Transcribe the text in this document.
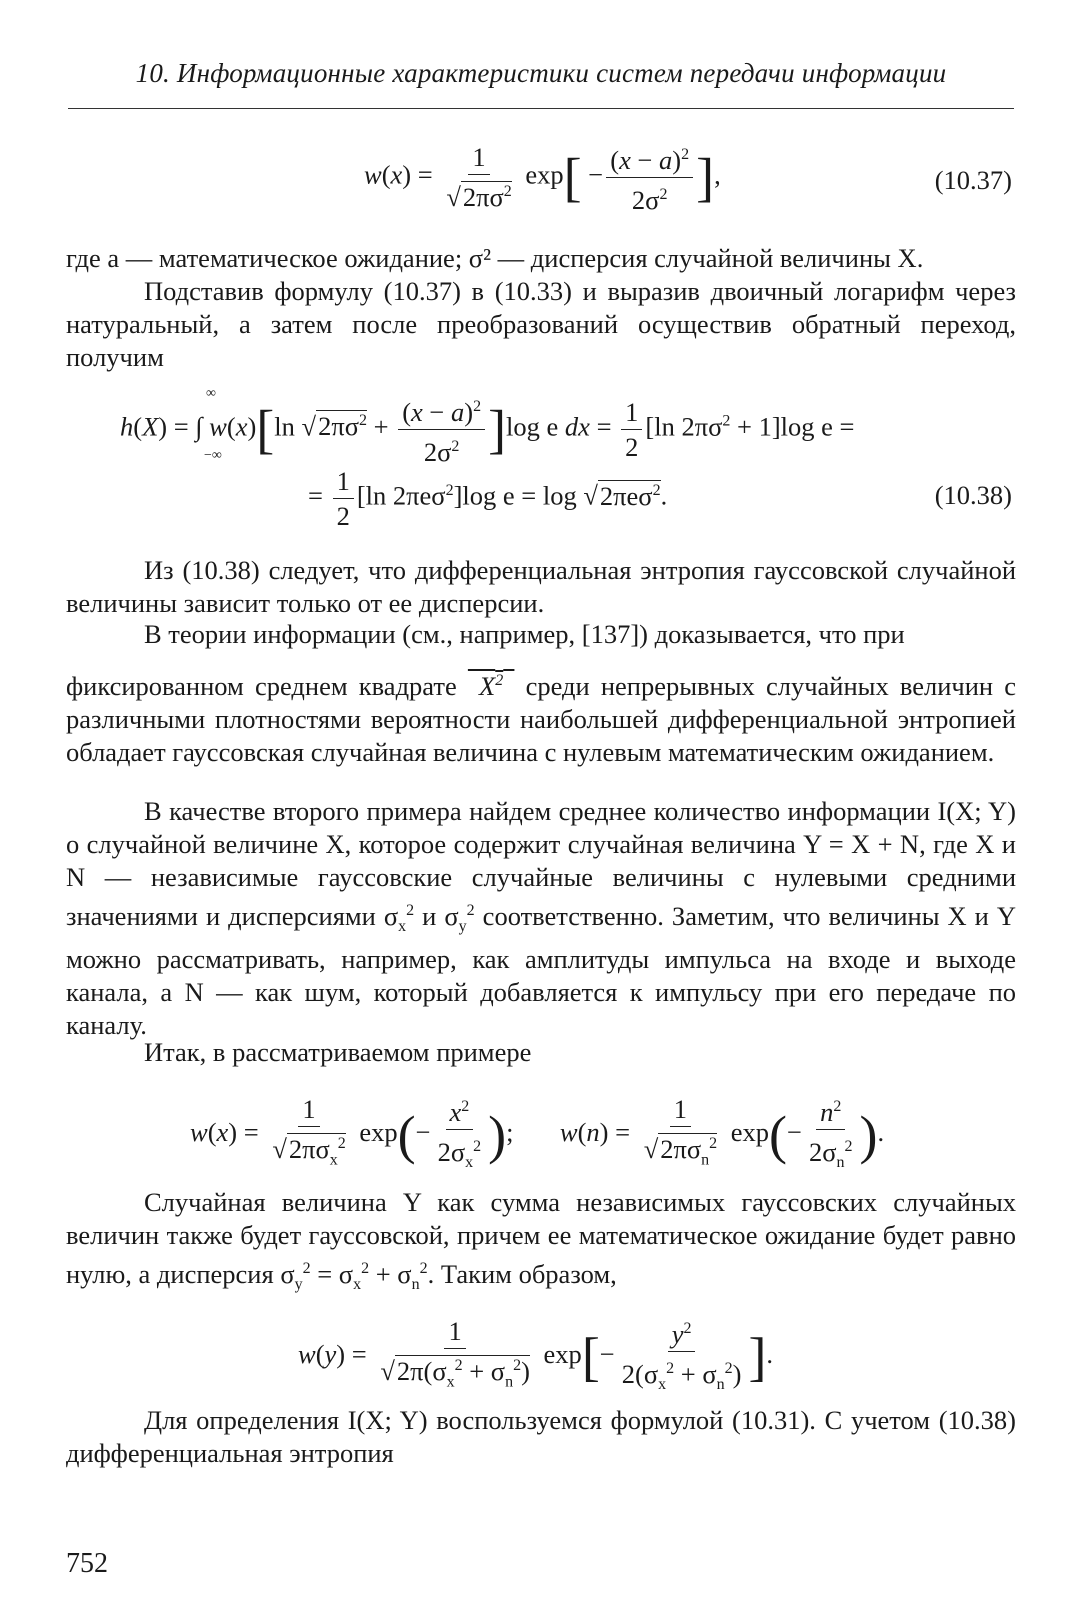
10. Информационные характеристики систем передачи информации
$w(x) = \frac{1}{√2\pi\sigma^2} \exp[ - \frac{(x - a)^2}{2\sigma^2}$ ],	(10.37)
где a — математическое ожидание; σ² — дисперсия случайной величины X.
Подставив формулу (10.37) в (10.33) и выразив двоичный логарифм через натуральный, а затем после преобразований осуществив обратный переход, получим
h(X) = ∫ w(x)[ln $√2\pi\sigma^2 + \frac{(x - a)^2}{2\sigma^2} ]\log$ e dx = $\frac{1}{2} [\ln$ $2\pi\sigma^2 + 1]\log$ e =
∞
−∞
= $\frac{1}{2} [\ln$ 2πeσ$^2$]log e = log √2πeσ$^2$.	(10.38)
Из (10.38) следует, что дифференциальная энтропия гауссовской случайной величины зависит только от ее дисперсии.
В теории информации (см., например, [137]) доказывается, что при
фиксированном среднем квадрате  $X^2$ среди непрерывных случайных величин с различными плотностями вероятности наибольшей дифференциальной энтропией обладает гауссовская случайная величина с нулевым математическим ожиданием.
В качестве второго примера найдем среднее количество информации I(X; Y) о случайной величине X, которое содержит случайная величина Y = X + N, где X и N — независимые гауссовские случайные величины с нулевыми средними значениями и дисперсиями $\sigma_x^2$ и $\sigma_y^2$ соответственно. Заметим, что величины X и Y можно рассматривать, например, как амплитуды импульса на входе и выходе канала, а N — как шум, который добавляется к импульсу при его передаче по каналу.
Итак, в рассматриваемом примере
$w(x) = \frac{1}{√2\pi\sigma_x^2} \exp(- \frac{x^2}{2\sigma_x^2}$ );       $w(n) = \frac{1}{√2\pi\sigma_n^2} \exp(- \frac{n^2}{2\sigma_n^2}$ ).
Случайная величина Y как сумма независимых гауссовских случайных величин также будет гауссовской, причем ее математическое ожидание будет равно нулю, а дисперсия $\sigma_y^2 = \sigma_x^2 + \sigma_n^2$. Таким образом,
$w(y) = \frac{1}{√2\pi(\sigma_x^2 + \sigma_n^2)} \exp[- \frac{y^2}{2(\sigma_x^2 + \sigma_n^2)}$ ].
Для определения I(X; Y) воспользуемся формулой (10.31). С учетом (10.38) дифференциальная энтропия
752
